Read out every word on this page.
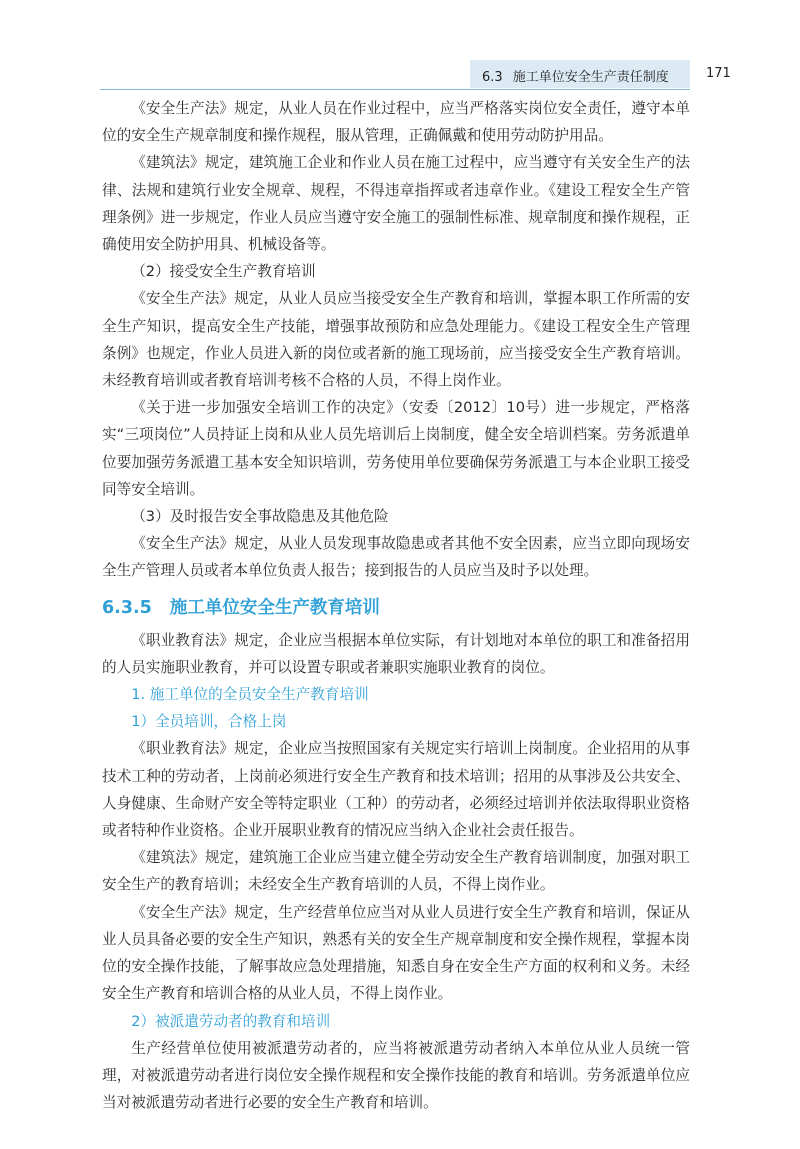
6.3 施工单位安全生产责任制度	171

《安全生产法》规定，从业人员在作业过程中，应当严格落实岗位安全责任，遵守本单位的安全生产规章制度和操作规程，服从管理，正确佩戴和使用劳动防护用品。

《建筑法》规定，建筑施工企业和作业人员在施工过程中，应当遵守有关安全生产的法律、法规和建筑行业安全规章、规程，不得违章指挥或者违章作业。《建设工程安全生产管理条例》进一步规定，作业人员应当遵守安全施工的强制性标准、规章制度和操作规程，正确使用安全防护用具、机械设备等。

（2）接受安全生产教育培训

《安全生产法》规定，从业人员应当接受安全生产教育和培训，掌握本职工作所需的安全生产知识，提高安全生产技能，增强事故预防和应急处理能力。《建设工程安全生产管理条例》也规定，作业人员进入新的岗位或者新的施工现场前，应当接受安全生产教育培训。未经教育培训或者教育培训考核不合格的人员，不得上岗作业。

《关于进一步加强安全培训工作的决定》（安委〔2012〕10号）进一步规定，严格落实“三项岗位”人员持证上岗和从业人员先培训后上岗制度，健全安全培训档案。劳务派遣单位要加强劳务派遣工基本安全知识培训，劳务使用单位要确保劳务派遣工与本企业职工接受同等安全培训。

（3）及时报告安全事故隐患及其他危险

《安全生产法》规定，从业人员发现事故隐患或者其他不安全因素，应当立即向现场安全生产管理人员或者本单位负责人报告；接到报告的人员应当及时予以处理。

6.3.5 施工单位安全生产教育培训

《职业教育法》规定，企业应当根据本单位实际，有计划地对本单位的职工和准备招用的人员实施职业教育，并可以设置专职或者兼职实施职业教育的岗位。

1. 施工单位的全员安全生产教育培训

1）全员培训，合格上岗

《职业教育法》规定，企业应当按照国家有关规定实行培训上岗制度。企业招用的从事技术工种的劳动者，上岗前必须进行安全生产教育和技术培训；招用的从事涉及公共安全、人身健康、生命财产安全等特定职业（工种）的劳动者，必须经过培训并依法取得职业资格或者特种作业资格。企业开展职业教育的情况应当纳入企业社会责任报告。

《建筑法》规定，建筑施工企业应当建立健全劳动安全生产教育培训制度，加强对职工安全生产的教育培训；未经安全生产教育培训的人员，不得上岗作业。

《安全生产法》规定，生产经营单位应当对从业人员进行安全生产教育和培训，保证从业人员具备必要的安全生产知识，熟悉有关的安全生产规章制度和安全操作规程，掌握本岗位的安全操作技能，了解事故应急处理措施，知悉自身在安全生产方面的权利和义务。未经安全生产教育和培训合格的从业人员，不得上岗作业。

2）被派遣劳动者的教育和培训

生产经营单位使用被派遣劳动者的，应当将被派遣劳动者纳入本单位从业人员统一管理，对被派遣劳动者进行岗位安全操作规程和安全操作技能的教育和培训。劳务派遣单位应当对被派遣劳动者进行必要的安全生产教育和培训。
